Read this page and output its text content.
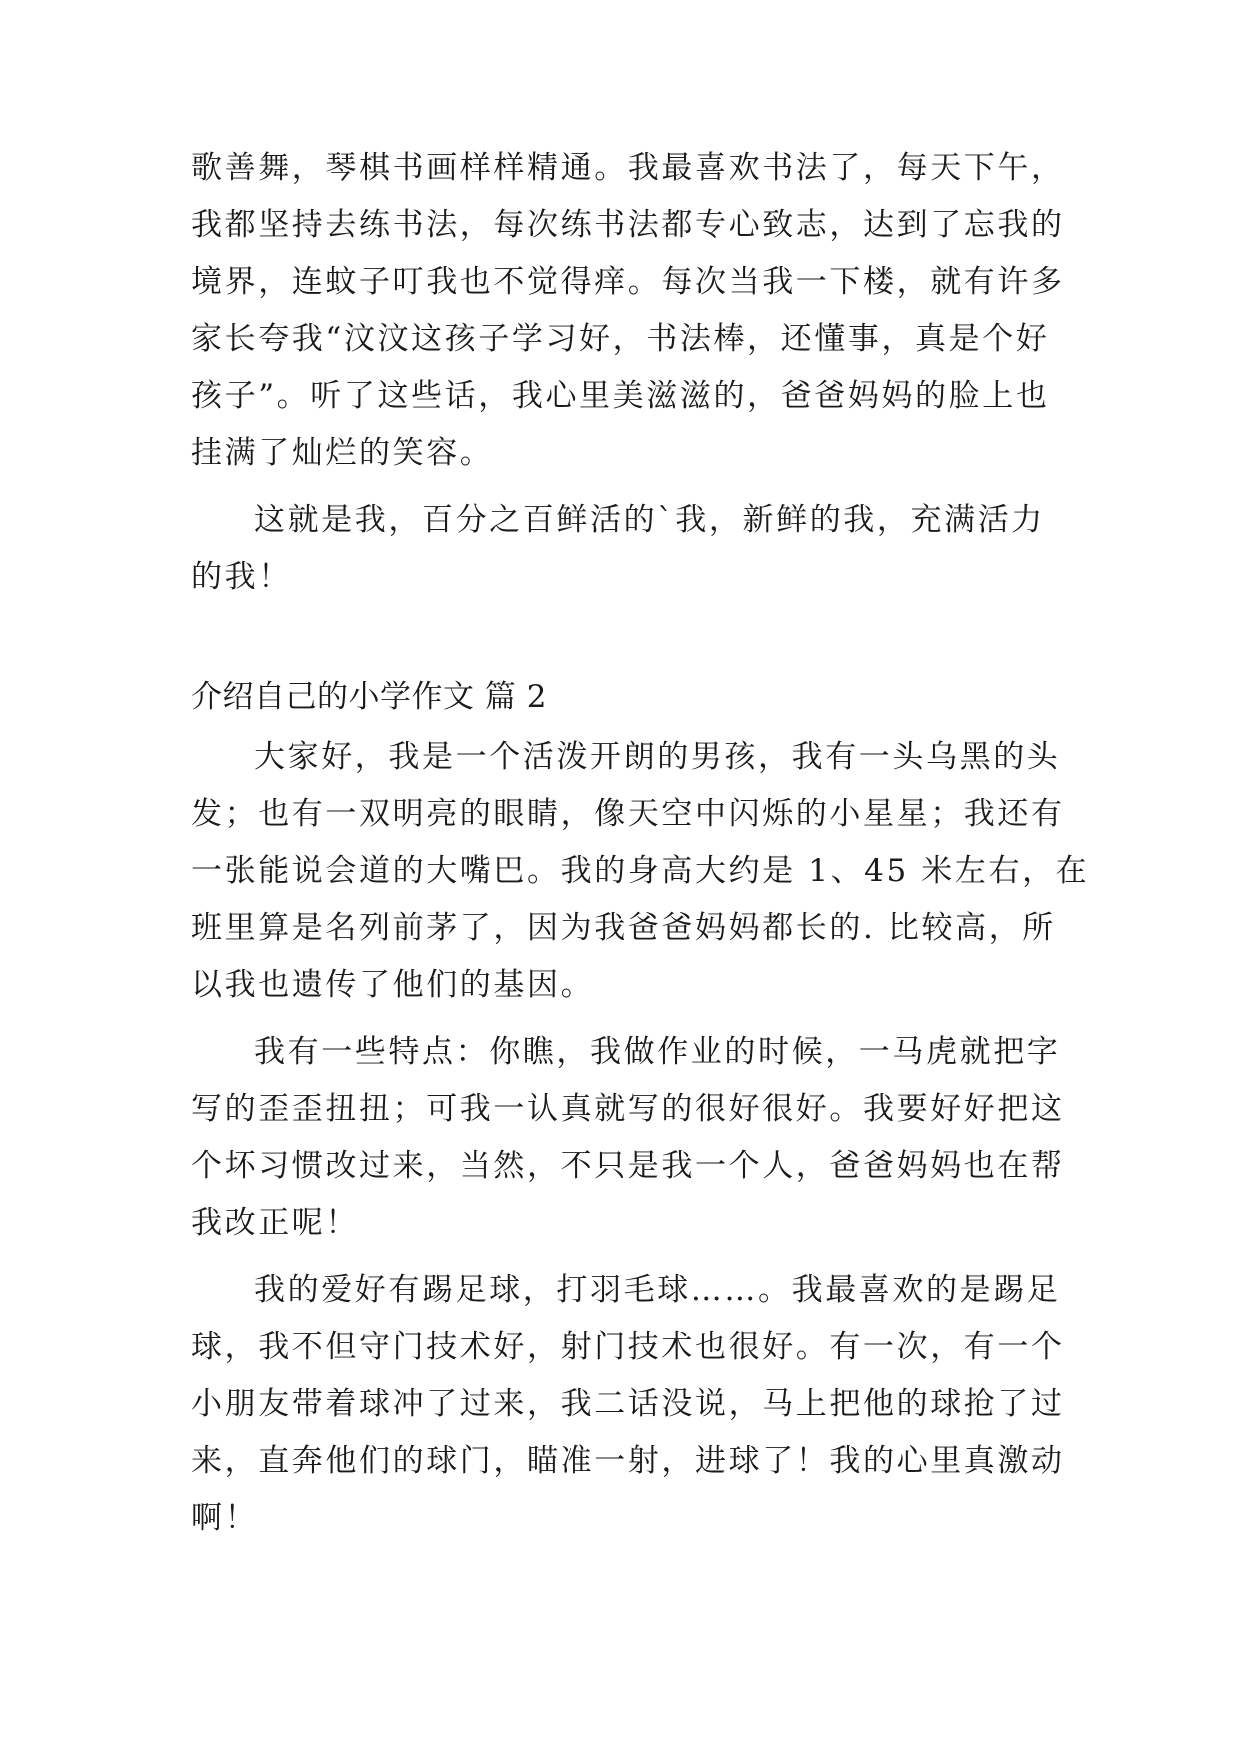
歌善舞，琴棋书画样样精通。我最喜欢书法了，每天下午，
我都坚持去练书法，每次练书法都专心致志，达到了忘我的
境界，连蚊子叮我也不觉得痒。每次当我一下楼，就有许多
家长夸我“汶汶这孩子学习好，书法棒，还懂事，真是个好
孩子”。听了这些话，我心里美滋滋的，爸爸妈妈的脸上也
挂满了灿烂的笑容。
这就是我，百分之百鲜活的`我，新鲜的我，充满活力
的我！
介绍自己的小学作文 篇 2
大家好，我是一个活泼开朗的男孩，我有一头乌黑的头
发；也有一双明亮的眼睛，像天空中闪烁的小星星；我还有
一张能说会道的大嘴巴。我的身高大约是 1、45 米左右，在
班里算是名列前茅了，因为我爸爸妈妈都长的. 比较高，所
以我也遗传了他们的基因。
我有一些特点：你瞧，我做作业的时候，一马虎就把字
写的歪歪扭扭；可我一认真就写的很好很好。我要好好把这
个坏习惯改过来，当然，不只是我一个人，爸爸妈妈也在帮
我改正呢！
我的爱好有踢足球，打羽毛球……。我最喜欢的是踢足
球，我不但守门技术好，射门技术也很好。有一次，有一个
小朋友带着球冲了过来，我二话没说，马上把他的球抢了过
来，直奔他们的球门，瞄准一射，进球了！我的心里真激动
啊！
